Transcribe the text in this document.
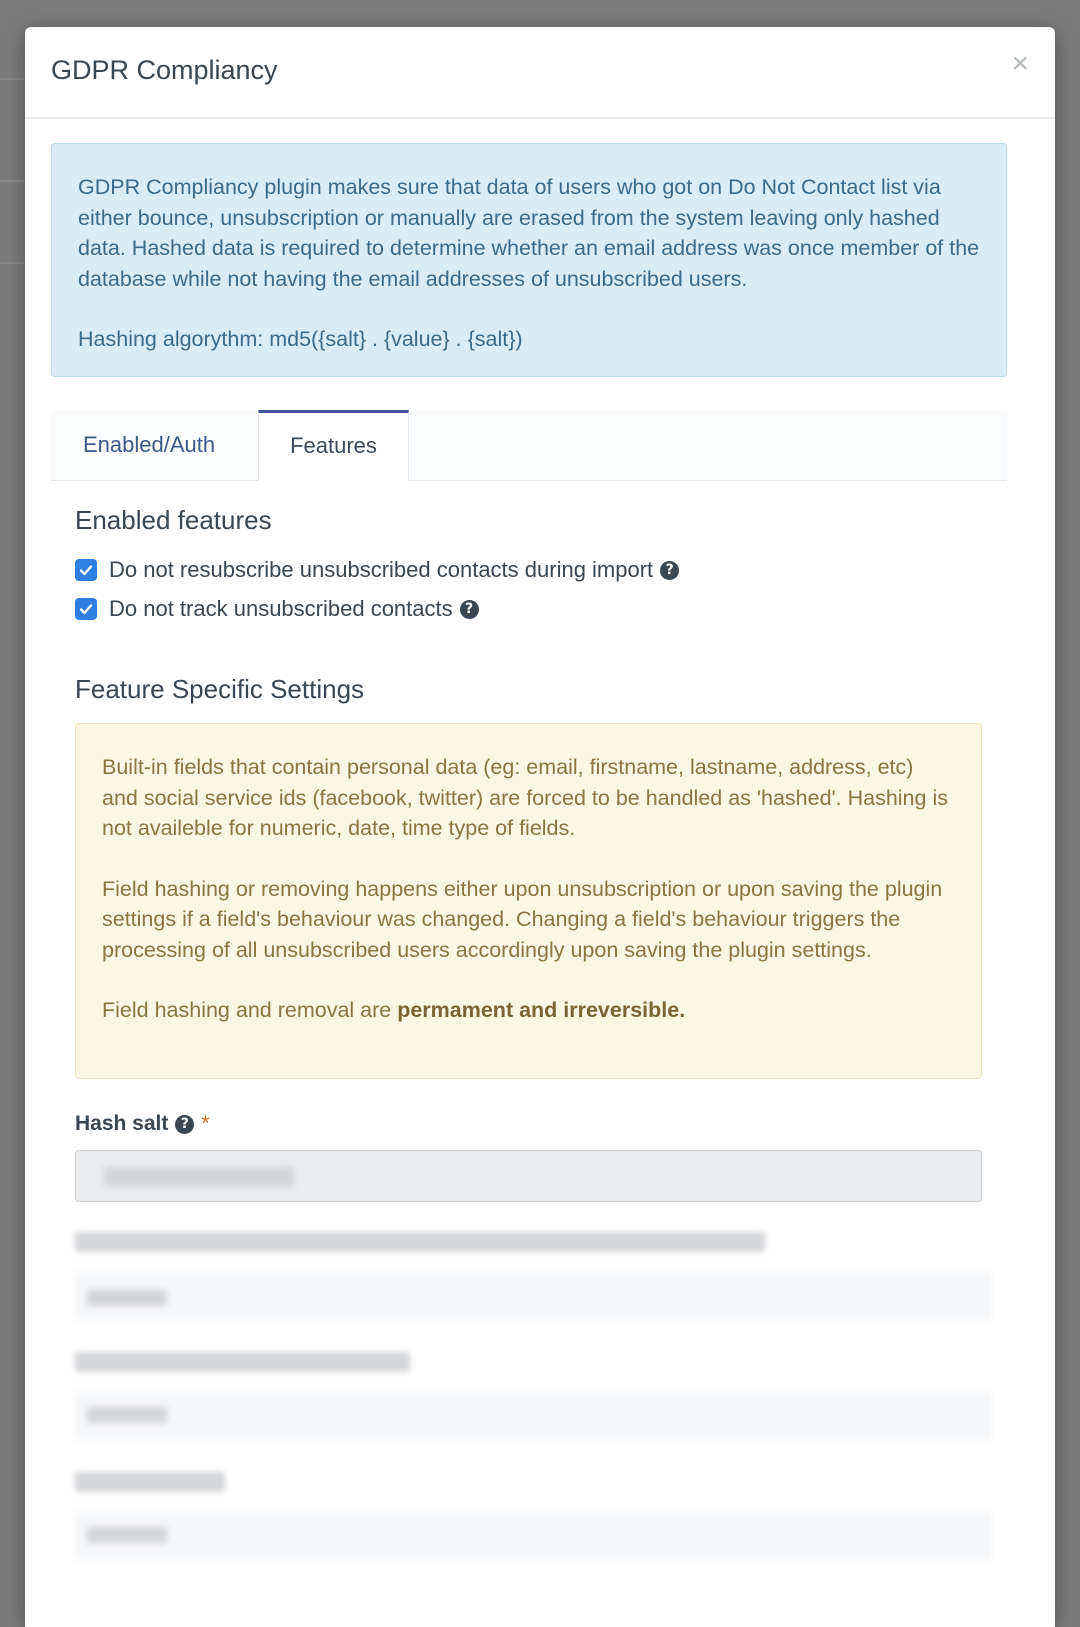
GDPR Compliancy	×

GDPR Compliancy plugin makes sure that data of users who got on Do Not Contact list via either bounce, unsubscription or manually are erased from the system leaving only hashed data. Hashed data is required to determine whether an email address was once member of the database while not having the email addresses of unsubscribed users.

Hashing algorythm: md5({salt} . {value} . {salt})

Enabled/Auth	Features
Enabled features
Do not resubscribe unsubscribed contacts during import ?
Do not track unsubscribed contacts ?
Feature Specific Settings

Built-in fields that contain personal data (eg: email, firstname, lastname, address, etc) and social service ids (facebook, twitter) are forced to be handled as 'hashed'. Hashing is not availeble for numeric, date, time type of fields.

Field hashing or removing happens either upon unsubscription or upon saving the plugin settings if a field's behaviour was changed. Changing a field's behaviour triggers the processing of all unsubscribed users accordingly upon saving the plugin settings.

Field hashing and removal are permament and irreversible.

Hash salt ? *
